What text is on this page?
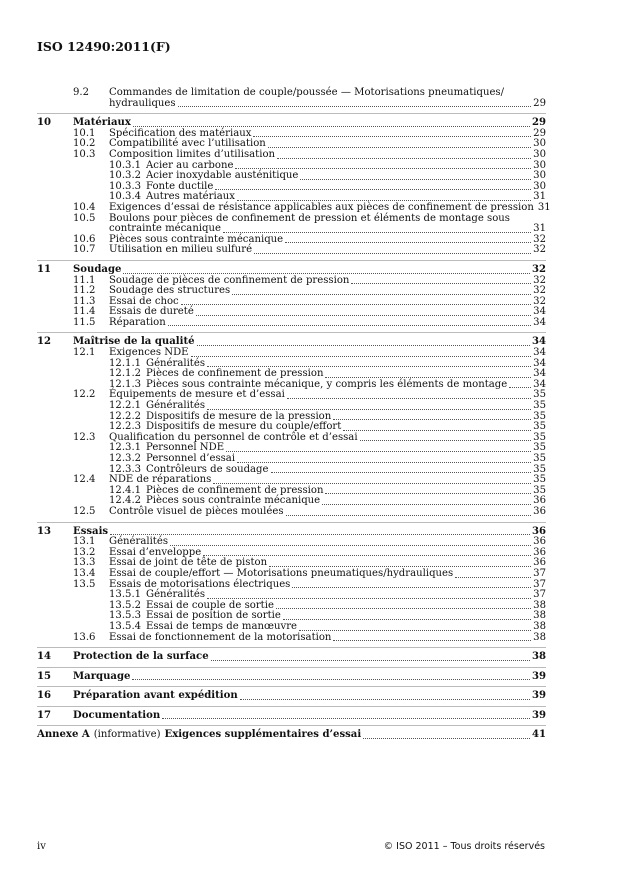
ISO 12490:2011(F)
9.2	Commandes de limitation de couple/poussée — Motorisations pneumatiques/
hydrauliques	29
10	Matériaux	29
10.1	Spécification des matériaux	29
10.2	Compatibilité avec l’utilisation	30
10.3	Composition limites d’utilisation	30
10.3.1 Acier au carbone	30
10.3.2 Acier inoxydable austénitique	30
10.3.3 Fonte ductile	30
10.3.4 Autres matériaux	31
10.4	Exigences d’essai de résistance applicables aux pièces de confinement de pression 31
10.5	Boulons pour pièces de confinement de pression et éléments de montage sous
contrainte mécanique	31
10.6	Pièces sous contrainte mécanique	32
10.7	Utilisation en milieu sulfuré	32
11	Soudage	32
11.1	Soudage de pièces de confinement de pression	32
11.2	Soudage des structures	32
11.3	Essai de choc	32
11.4	Essais de dureté	34
11.5	Réparation	34
12	Maîtrise de la qualité	34
12.1	Exigences NDE	34
12.1.1 Généralités	34
12.1.2 Pièces de confinement de pression	34
12.1.3 Pièces sous contrainte mécanique, y compris les éléments de montage	34
12.2	Équipements de mesure et d’essai	35
12.2.1 Généralités	35
12.2.2 Dispositifs de mesure de la pression	35
12.2.3 Dispositifs de mesure du couple/effort	35
12.3	Qualification du personnel de contrôle et d’essai	35
12.3.1 Personnel NDE	35
12.3.2 Personnel d’essai	35
12.3.3 Contrôleurs de soudage	35
12.4	NDE de réparations	35
12.4.1 Pièces de confinement de pression	35
12.4.2 Pièces sous contrainte mécanique	36
12.5	Contrôle visuel de pièces moulées	36
13	Essais	36
13.1	Généralités	36
13.2	Essai d’enveloppe	36
13.3	Essai de joint de tête de piston	36
13.4	Essai de couple/effort — Motorisations pneumatiques/hydrauliques	37
13.5	Essais de motorisations électriques	37
13.5.1 Généralités	37
13.5.2 Essai de couple de sortie	38
13.5.3 Essai de position de sortie	38
13.5.4 Essai de temps de manœuvre	38
13.6	Essai de fonctionnement de la motorisation	38
14	Protection de la surface	38
15	Marquage	39
16	Préparation avant expédition	39
17	Documentation	39
Annexe A (informative) Exigences supplémentaires d’essai	41
iv	© ISO 2011 – Tous droits réservés
